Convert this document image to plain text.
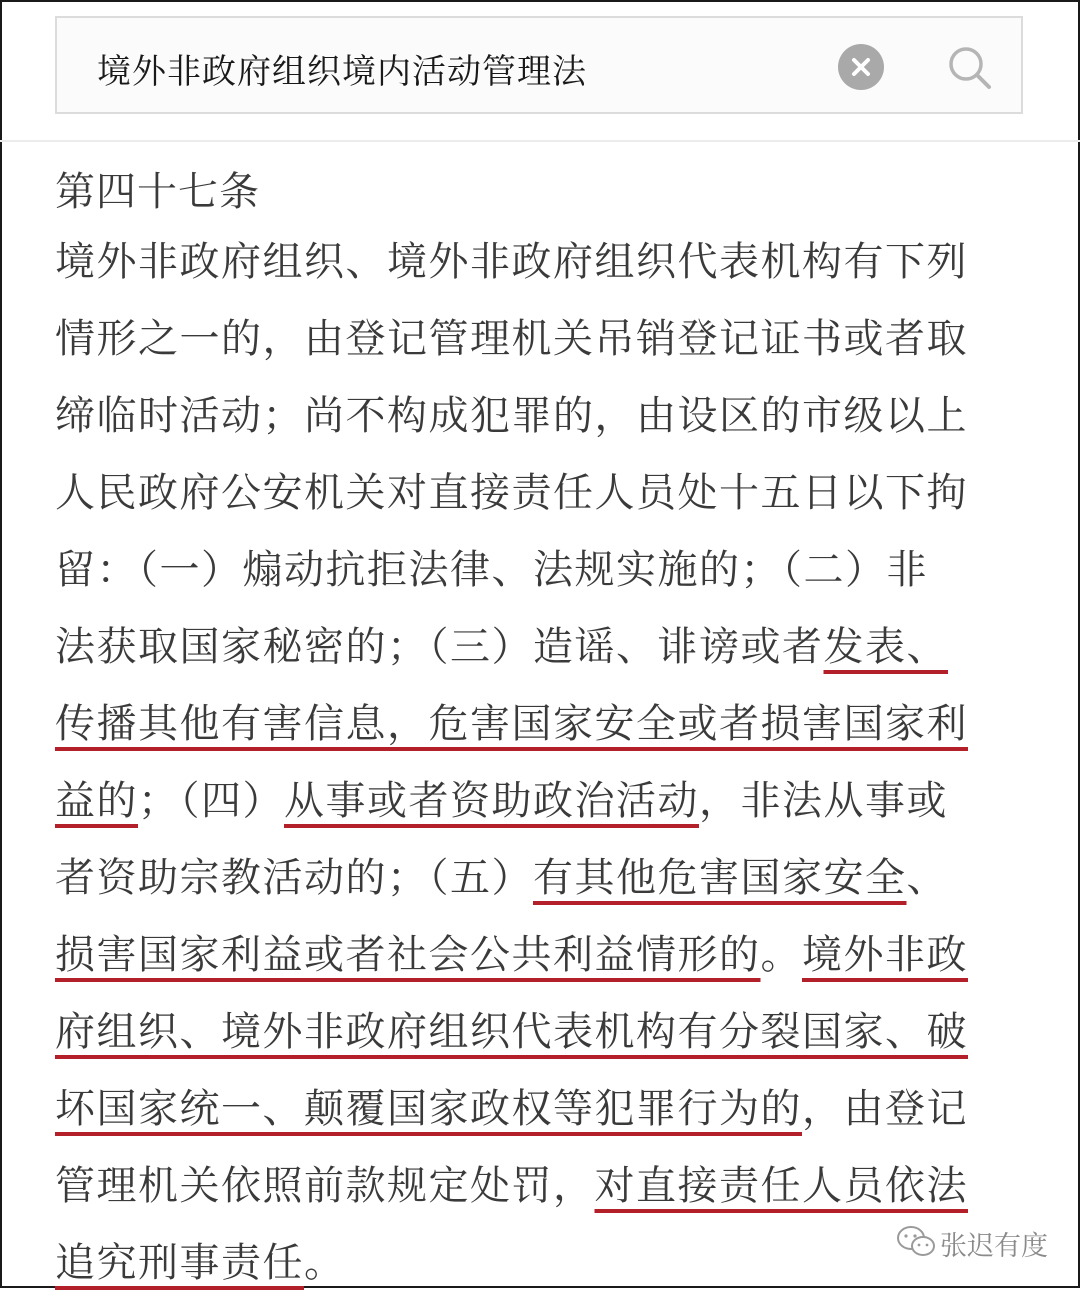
境外非政府组织境内活动管理法
第四十七条
境外非政府组织、境外非政府组织代表机构有下列
情形之一的，由登记管理机关吊销登记证书或者取
缔临时活动；尚不构成犯罪的，由设区的市级以上
人民政府公安机关对直接责任人员处十五日以下拘
留：（一）煽动抗拒法律、法规实施的；（二）非
法获取国家秘密的；（三）造谣、诽谤或者发表、
传播其他有害信息，危害国家安全或者损害国家利
益的；（四）从事或者资助政治活动，非法从事或
者资助宗教活动的；（五）有其他危害国家安全、
损害国家利益或者社会公共利益情形的。境外非政
府组织、境外非政府组织代表机构有分裂国家、破
坏国家统一、颠覆国家政权等犯罪行为的，由登记
管理机关依照前款规定处罚，对直接责任人员依法
追究刑事责任。	张迟有度
